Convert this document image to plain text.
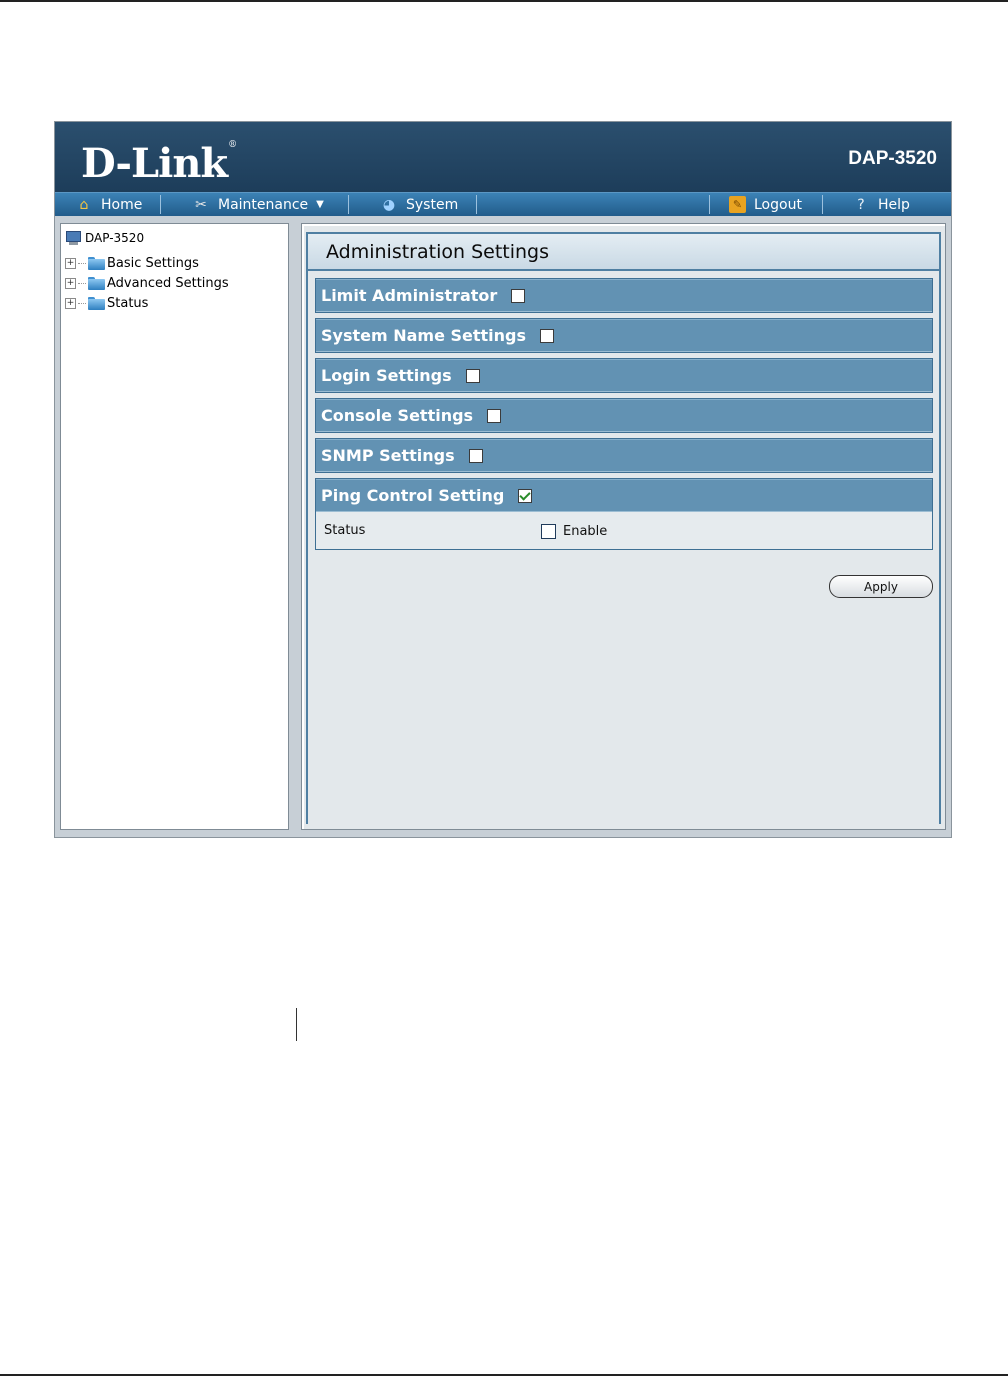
D-Link®
DAP-3520
⌂ Home	✂ Maintenance ▼	◕ System	✎ Logout	? Help
DAP-3520
+	Basic Settings
+	Advanced Settings
+	Status
Administration Settings
Limit Administrator
System Name Settings
Login Settings
Console Settings
SNMP Settings
Ping Control Setting
Status	Enable
Apply
